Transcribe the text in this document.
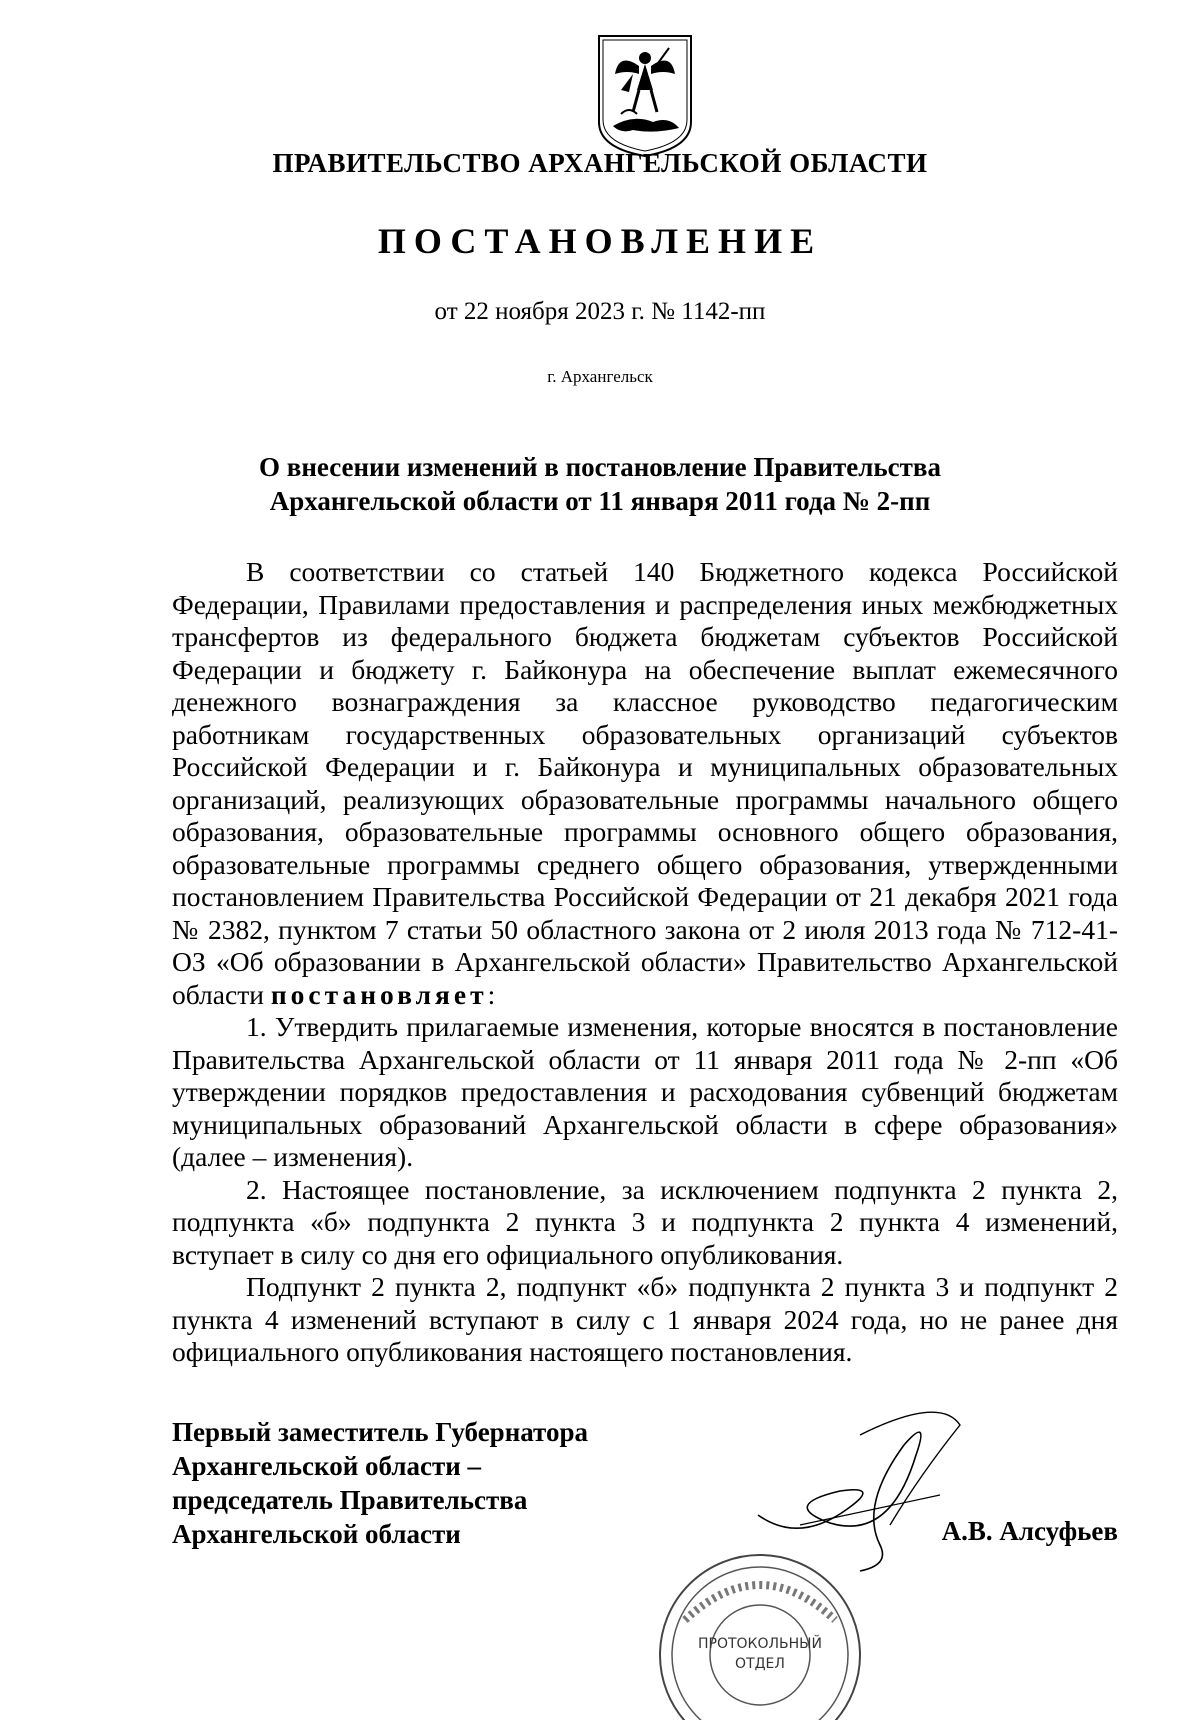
ПРАВИТЕЛЬСТВО АРХАНГЕЛЬСКОЙ ОБЛАСТИ
ПОСТАНОВЛЕНИЕ
от 22 ноября 2023 г. № 1142-пп
г. Архангельск
О внесении изменений в постановление Правительства
Архангельской области от 11 января 2011 года № 2-пп

В соответствии со статьей 140 Бюджетного кодекса Российской Федерации, Правилами предоставления и распределения иных межбюджетных трансфертов из федерального бюджета бюджетам субъектов Российской Федерации и бюджету г. Байконура на обеспечение выплат ежемесячного денежного вознаграждения за классное руководство педагогическим работникам государственных образовательных организаций субъектов Российской Федерации и г. Байконура и муниципальных образовательных организаций, реализующих образовательные программы начального общего образования, образовательные программы основного общего образования, образовательные программы среднего общего образования, утвержденными постановлением Правительства Российской Федерации от 21 декабря 2021 года № 2382, пунктом 7 статьи 50 областного закона от 2 июля 2013 года № 712-41-ОЗ «Об образовании в Архангельской области» Правительство Архангельской области постановляет:

1. Утвердить прилагаемые изменения, которые вносятся в постановление Правительства Архангельской области от 11 января 2011 года № 2-пп «Об утверждении порядков предоставления и расходования субвенций бюджетам муниципальных образований Архангельской области в сфере образования» (далее – изменения).

2. Настоящее постановление, за исключением подпункта 2 пункта 2, подпункта «б» подпункта 2 пункта 3 и подпункта 2 пункта 4 изменений, вступает в силу со дня его официального опубликования.

Подпункт 2 пункта 2, подпункт «б» подпункта 2 пункта 3 и подпункт 2 пункта 4 изменений вступают в силу с 1 января 2024 года, но не ранее дня официального опубликования настоящего постановления.

Первый заместитель Губернатора
Архангельской области –
председатель Правительства
Архангельской области
ПРОТОКОЛЬНЫЙ
ОТДЕЛ
А.В. Алсуфьев
